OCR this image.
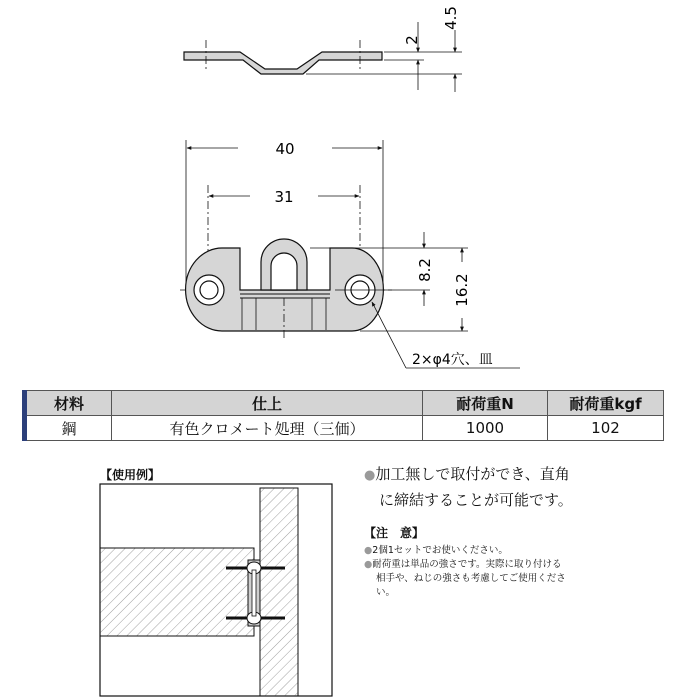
2
4.5
40
31
8.2
16.2
2×φ4穴、皿
材料	仕上	耐荷重N	耐荷重kgf
鋼	有色クロメート処理（三価）	1000	102
【使用例】	●加工無しで取付ができ、直角
に締結することが可能です。
【注　意】
●2個1セットでお使いください。
●耐荷重は単品の強さです。実際に取り付ける
相手や、ねじの強さも考慮してご使用くださ
い。
